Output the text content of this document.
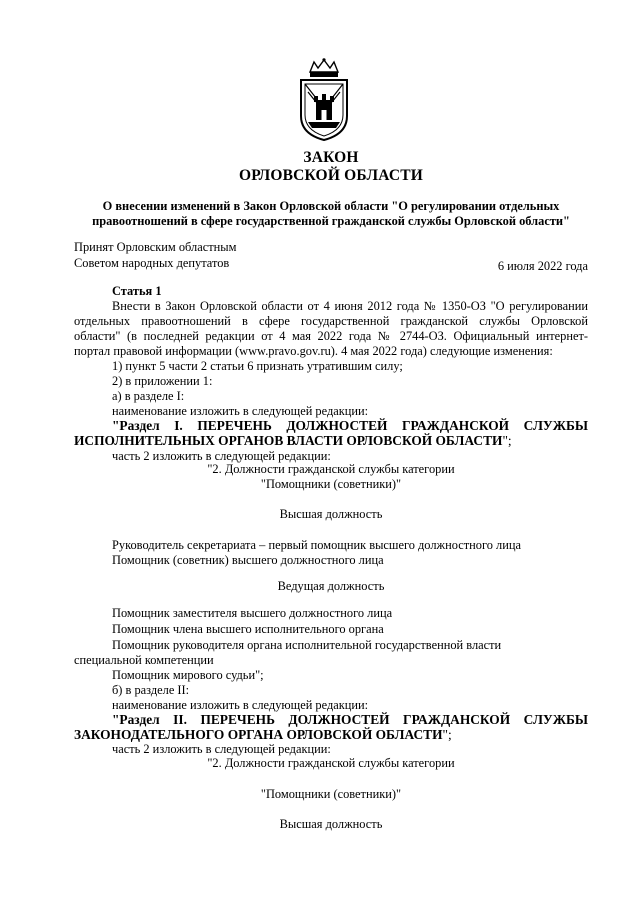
ЗАКОН
ОРЛОВСКОЙ ОБЛАСТИ
О внесении изменений в Закон Орловской области "О регулировании отдельных
правоотношений в сфере государственной гражданской службы Орловской области"
Принят Орловским областным
Советом народных депутатов	6 июля 2022 года
Статья 1
Внести в Закон Орловской области от 4 июня 2012 года № 1350-ОЗ "О регулировании
отдельных правоотношений в сфере государственной гражданской службы Орловской
области" (в последней редакции от 4 мая 2022 года № 2744-ОЗ. Официальный интернет-
портал правовой информации (www.pravo.gov.ru). 4 мая 2022 года) следующие изменения:
1) пункт 5 части 2 статьи 6 признать утратившим силу;
2) в приложении 1:
а) в разделе I:
наименование изложить в следующей редакции:
"Раздел I. ПЕРЕЧЕНЬ ДОЛЖНОСТЕЙ ГРАЖДАНСКОЙ СЛУЖБЫ
ИСПОЛНИТЕЛЬНЫХ ОРГАНОВ ВЛАСТИ ОРЛОВСКОЙ ОБЛАСТИ";
часть 2 изложить в следующей редакции:
"2. Должности гражданской службы категории
"Помощники (советники)"
Высшая должность
Руководитель секретариата – первый помощник высшего должностного лица
Помощник (советник) высшего должностного лица
Ведущая должность
Помощник заместителя высшего должностного лица
Помощник члена высшего исполнительного органа
Помощник руководителя органа исполнительной государственной власти
специальной компетенции
Помощник мирового судьи";
б) в разделе II:
наименование изложить в следующей редакции:
"Раздел II. ПЕРЕЧЕНЬ ДОЛЖНОСТЕЙ ГРАЖДАНСКОЙ СЛУЖБЫ
ЗАКОНОДАТЕЛЬНОГО ОРГАНА ОРЛОВСКОЙ ОБЛАСТИ";
часть 2 изложить в следующей редакции:
"2. Должности гражданской службы категории
"Помощники (советники)"
Высшая должность
